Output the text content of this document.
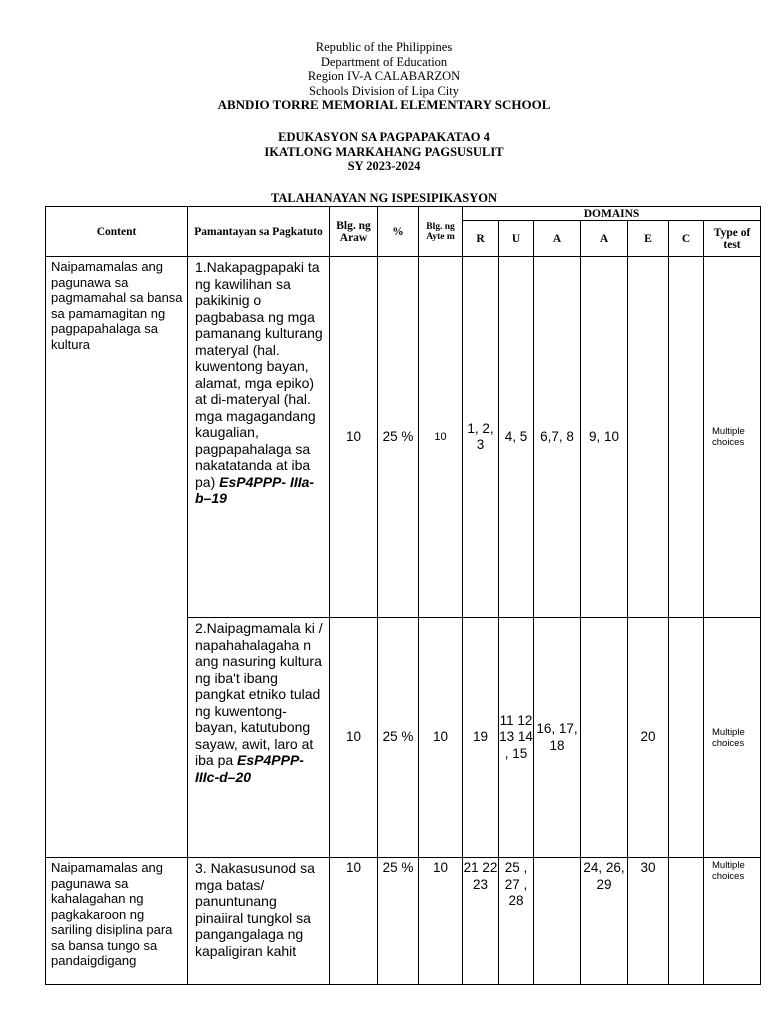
Republic of the Philippines
Department of Education
Region IV-A CALABARZON
Schools Division of Lipa City
ABNDIO TORRE MEMORIAL ELEMENTARY SCHOOL
EDUKASYON SA PAGPAPAKATAO 4
IKATLONG MARKAHANG PAGSUSULIT
SY 2023-2024
TALAHANAYAN NG ISPESIPIKASYON
Content	Pamantayan sa Pagkatuto	Blg. ng Araw	%	Blg. ng Ayte m	DOMAINS						
					R	U	A	A	E	C	Type of test
Naipamamalas ang pagunawa sa pagmamahal sa bansa sa pamamagitan ng pagpapahalaga sa kultura	1.Nakapagpapaki ta ng kawilihan sa pakikinig o pagbabasa ng mga pamanang kulturang materyal (hal. kuwentong bayan, alamat, mga epiko) at di-materyal (hal. mga magagandang kaugalian, pagpapahalaga sa nakatatanda at iba pa) EsP4PPP- IIIa-b–19	10	25 %	10	1, 2, 3	4, 5	6,7, 8	9, 10			Multiple choices
	2.Naipagmamala ki / napahahalagaha n ang nasuring kultura ng iba't ibang pangkat etniko tulad ng kuwentong-bayan, katutubong sayaw, awit, laro at iba pa EsP4PPP- IIIc-d–20	10	25 %	10	19	11 12 13 14 , 15	16, 17, 18		20		Multiple choices
Naipamamalas ang pagunawa sa kahalagahan ng pagkakaroon ng sariling disiplina para sa bansa tungo sa pandaigdigang	3. Nakasusunod sa mga batas/ panuntunang pinaiiral tungkol sa pangangalaga ng kapaligiran kahit	10	25 %	10	21 22 23	25 , 27 , 28		24, 26, 29	30		Multiple choices
